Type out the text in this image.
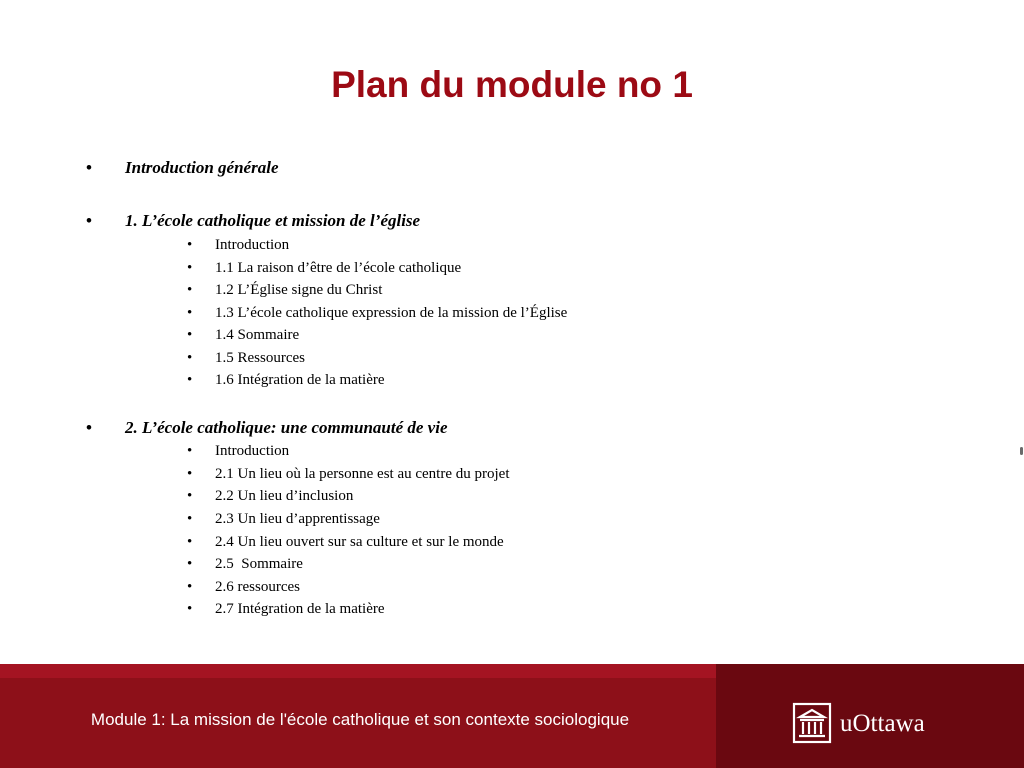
Plan du module no 1
• Introduction générale
• 1. L’école catholique et mission de l’église
• Introduction
• 1.1 La raison d’être de l’école catholique
• 1.2 L’Église signe du Christ
• 1.3 L’école catholique expression de la mission de l’Église
• 1.4 Sommaire
• 1.5 Ressources
• 1.6 Intégration de la matière
• 2. L’école catholique: une communauté de vie
• Introduction
• 2.1 Un lieu où la personne est au centre du projet
• 2.2 Un lieu d’inclusion
• 2.3 Un lieu d’apprentissage
• 2.4 Un lieu ouvert sur sa culture et sur le monde
• 2.5  Sommaire
• 2.6 ressources
• 2.7 Intégration de la matière
Module 1: La mission de l'école catholique et son contexte sociologique	uOttawa
